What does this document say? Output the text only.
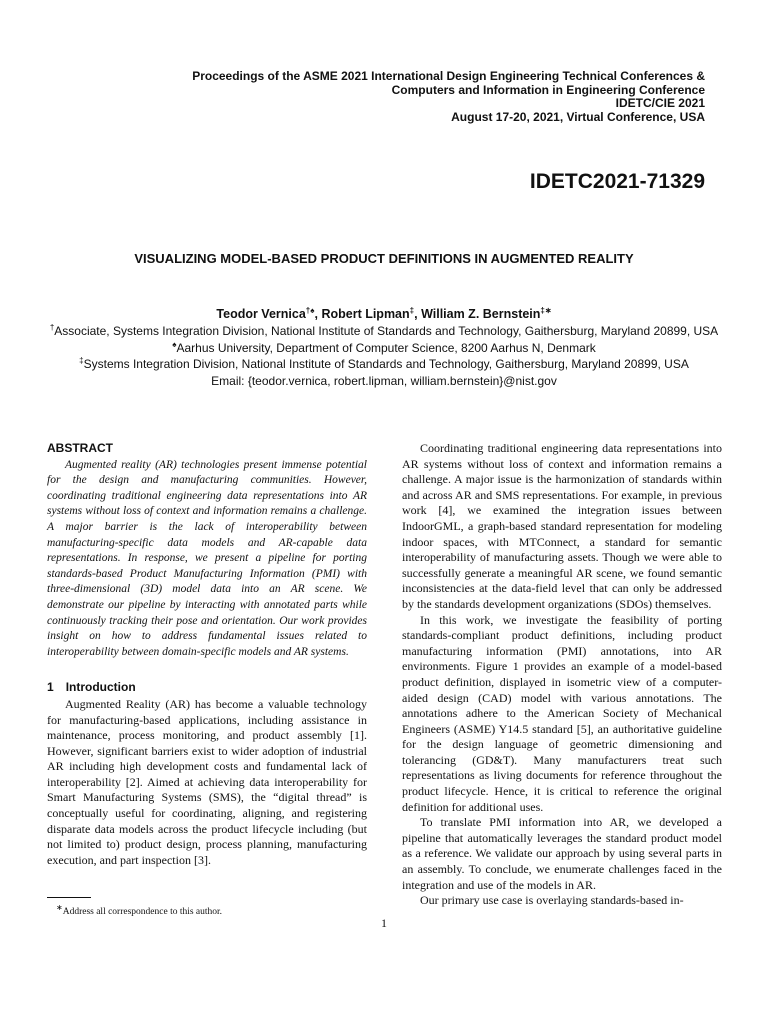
Proceedings of the ASME 2021 International Design Engineering Technical Conferences &
Computers and Information in Engineering Conference
IDETC/CIE 2021
August 17-20, 2021, Virtual Conference, USA
IDETC2021-71329
VISUALIZING MODEL-BASED PRODUCT DEFINITIONS IN AUGMENTED REALITY
Teodor Vernica†♠, Robert Lipman‡, William Z. Bernstein‡∗
†Associate, Systems Integration Division, National Institute of Standards and Technology, Gaithersburg, Maryland 20899, USA
♠Aarhus University, Department of Computer Science, 8200 Aarhus N, Denmark
‡Systems Integration Division, National Institute of Standards and Technology, Gaithersburg, Maryland 20899, USA
Email: {teodor.vernica, robert.lipman, william.bernstein}@nist.gov
ABSTRACT

Augmented reality (AR) technologies present immense potential for the design and manufacturing communities. However, coordinating traditional engineering data representations into AR systems without loss of context and information remains a challenge. A major barrier is the lack of interoperability between manufacturing-specific data models and AR-capable data representations. In response, we present a pipeline for porting standards-based Product Manufacturing Information (PMI) with three-dimensional (3D) model data into an AR scene. We demonstrate our pipeline by interacting with annotated parts while continuously tracking their pose and orientation. Our work provides insight on how to address fundamental issues related to interoperability between domain-specific models and AR systems.

1 Introduction

Augmented Reality (AR) has become a valuable technology for manufacturing-based applications, including assistance in maintenance, process monitoring, and product assembly [1]. However, significant barriers exist to wider adoption of industrial AR including high development costs and fundamental lack of interoperability [2]. Aimed at achieving data interoperability for Smart Manufacturing Systems (SMS), the “digital thread” is conceptually useful for coordinating, aligning, and registering disparate data models across the product lifecycle including (but not limited to) product design, process planning, manufacturing execution, and part inspection [3].

Coordinating traditional engineering data representations into AR systems without loss of context and information remains a challenge. A major issue is the harmonization of standards within and across AR and SMS representations. For example, in previous work [4], we examined the integration issues between IndoorGML, a graph-based standard representation for modeling indoor spaces, with MTConnect, a standard for semantic interoperability of manufacturing assets. Though we were able to successfully generate a meaningful AR scene, we found semantic inconsistencies at the data-field level that can only be addressed by the standards development organizations (SDOs) themselves.

In this work, we investigate the feasibility of porting standards-compliant product definitions, including product manufacturing information (PMI) annotations, into AR environments. Figure 1 provides an example of a model-based product definition, displayed in isometric view of a computer-aided design (CAD) model with various annotations. The annotations adhere to the American Society of Mechanical Engineers (ASME) Y14.5 standard [5], an authoritative guideline for the design language of geometric dimensioning and tolerancing (GD&T). Many manufacturers treat such representations as living documents for reference throughout the product lifecycle. Hence, it is critical to reference the original definition for additional uses.

To translate PMI information into AR, we developed a pipeline that automatically leverages the standard product model as a reference. We validate our approach by using several parts in an assembly. To conclude, we enumerate challenges faced in the integration and use of the models in AR.

Our primary use case is overlaying standards-based in-

∗Address all correspondence to this author.
1
